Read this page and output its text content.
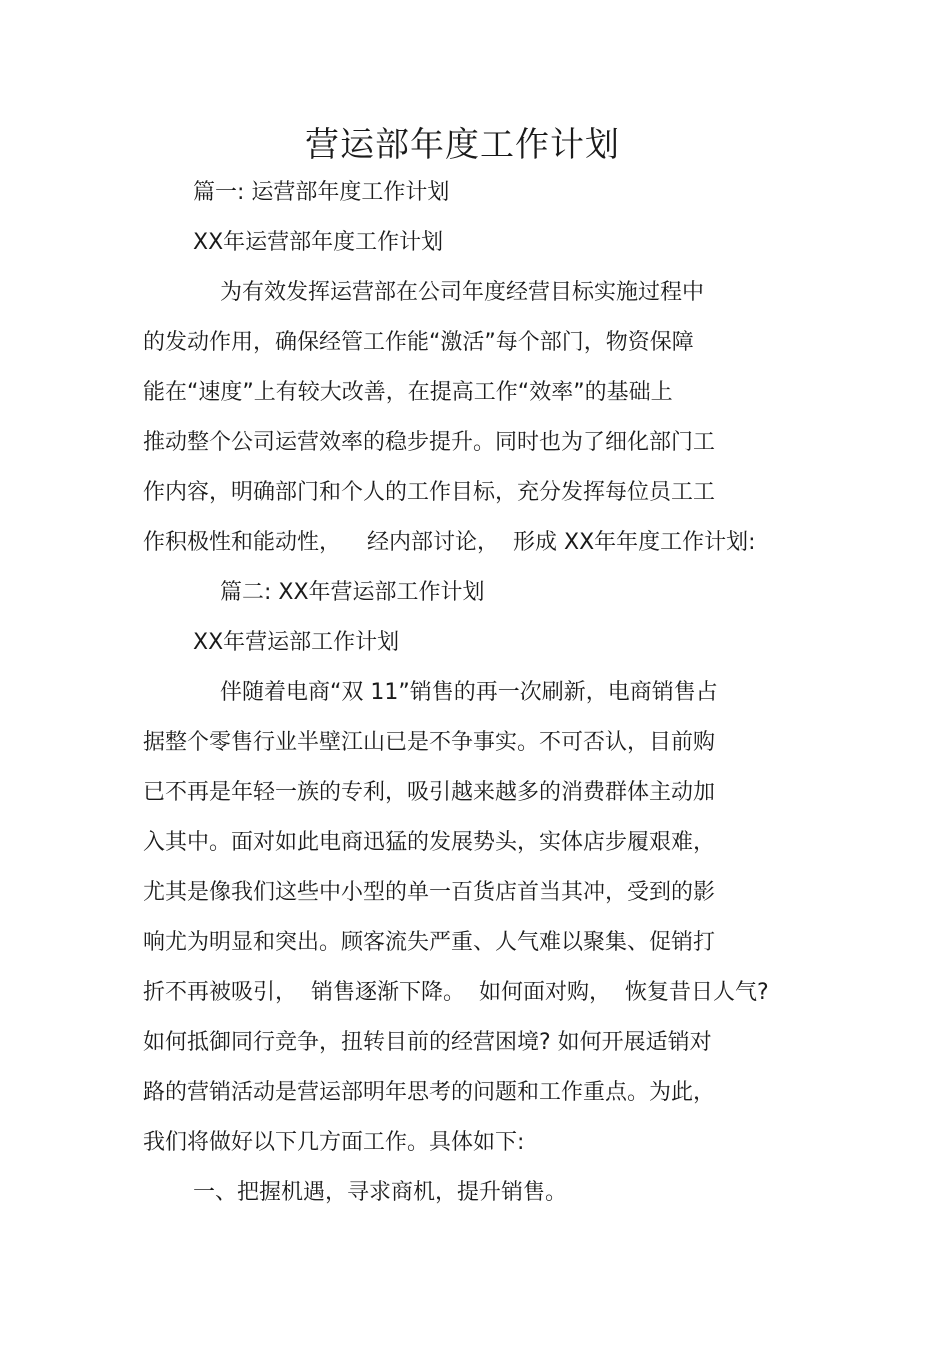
营运部年度工作计划
篇一: 运营部年度工作计划
XX年运营部年度工作计划
为有效发挥运营部在公司年度经营目标实施过程中
的发动作用，确保经管工作能“激活”每个部门，物资保障
能在“速度”上有较大改善，在提高工作“效率”的基础上
推动整个公司运营效率的稳步提升。同时也为了细化部门工
作内容，明确部门和个人的工作目标，充分发挥每位员工工
作积极性和能动性， 经内部讨论， 形成 XX年年度工作计划:
篇二: XX年营运部工作计划
XX年营运部工作计划
伴随着电商“双 11”销售的再一次刷新，电商销售占
据整个零售行业半壁江山已是不争事实。不可否认，目前购
已不再是年轻一族的专利，吸引越来越多的消费群体主动加
入其中。面对如此电商迅猛的发展势头，实体店步履艰难，
尤其是像我们这些中小型的单一百货店首当其冲，受到的影
响尤为明显和突出。顾客流失严重、人气难以聚集、促销打
折不再被吸引， 销售逐渐下降。 如何面对购， 恢复昔日人气?
如何抵御同行竞争，扭转目前的经营困境? 如何开展适销对
路的营销活动是营运部明年思考的问题和工作重点。为此，
我们将做好以下几方面工作。具体如下:
一、把握机遇，寻求商机，提升销售。
